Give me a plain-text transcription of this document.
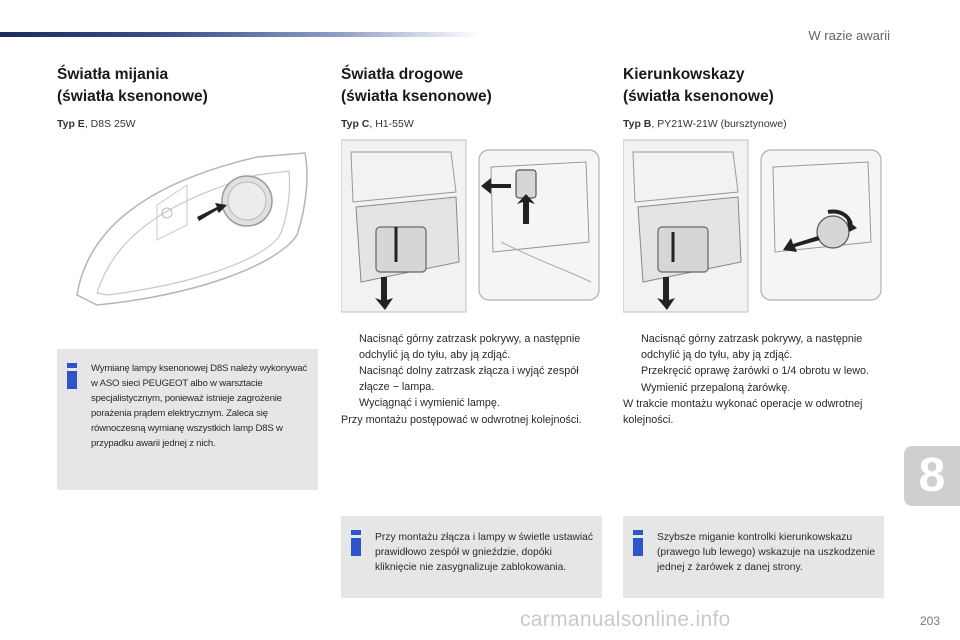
W razie awarii
Światła mijania
(światła ksenonowe)
Typ E, D8S 25W
Światła drogowe
(światła ksenonowe)
Typ C, H1-55W
Kierunkowskazy
(światła ksenonowe)
Typ B, PY21W-21W (bursztynowe)
Nacisnąć górny zatrzask pokrywy, a następnie odchylić ją do tyłu, aby ją zdjąć.
Nacisnąć dolny zatrzask złącza i wyjąć zespół złącze − lampa.
Wyciągnąć i wymienić lampę.
Przy montażu postępować w odwrotnej kolejności.
Nacisnąć górny zatrzask pokrywy, a następnie odchylić ją do tyłu, aby ją zdjąć.
Przekręcić oprawę żarówki o 1/4 obrotu w lewo.
Wymienić przepaloną żarówkę.
W trakcie montażu wykonać operacje w odwrotnej kolejności.
Wymianę lampy ksenonowej D8S należy wykonywać w ASO sieci PEUGEOT albo w warsztacie specjalistycznym, ponieważ istnieje zagrożenie porażenia prądem elektrycznym. Zaleca się równoczesną wymianę wszystkich lamp D8S w przypadku awarii jednej z nich.
Przy montażu złącza i lampy w świetle ustawiać prawidłowo zespół w gnieździe, dopóki kliknięcie nie zasygnalizuje zablokowania.
Szybsze miganie kontrolki kierunkowskazu (prawego lub lewego) wskazuje na uszkodzenie jednej z żarówek z danej strony.
8
carmanualsonline.info	203
